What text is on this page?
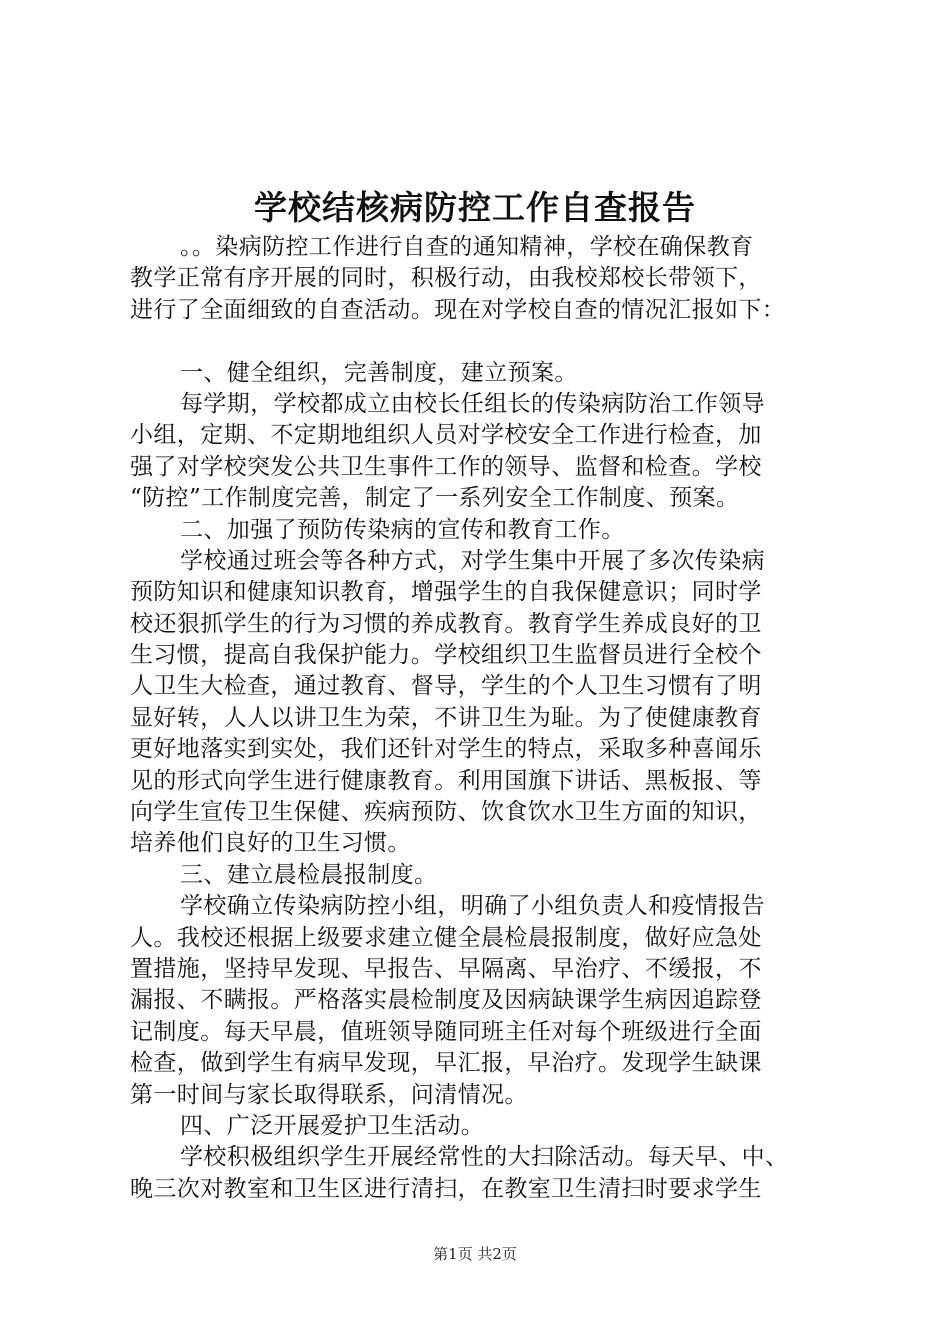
学校结核病防控工作自查报告
。。染病防控工作进行自查的通知精神，学校在确保教育
教学正常有序开展的同时，积极行动，由我校郑校长带领下，
进行了全面细致的自查活动。现在对学校自查的情况汇报如下：
一、健全组织，完善制度，建立预案。
每学期，学校都成立由校长任组长的传染病防治工作领导
小组，定期、不定期地组织人员对学校安全工作进行检查，加
强了对学校突发公共卫生事件工作的领导、监督和检查。学校
“防控”工作制度完善，制定了一系列安全工作制度、预案。
二、加强了预防传染病的宣传和教育工作。
学校通过班会等各种方式，对学生集中开展了多次传染病
预防知识和健康知识教育，增强学生的自我保健意识；同时学
校还狠抓学生的行为习惯的养成教育。教育学生养成良好的卫
生习惯，提高自我保护能力。学校组织卫生监督员进行全校个
人卫生大检查，通过教育、督导，学生的个人卫生习惯有了明
显好转，人人以讲卫生为荣，不讲卫生为耻。为了使健康教育
更好地落实到实处，我们还针对学生的特点，采取多种喜闻乐
见的形式向学生进行健康教育。利用国旗下讲话、黑板报、等
向学生宣传卫生保健、疾病预防、饮食饮水卫生方面的知识，
培养他们良好的卫生习惯。
三、建立晨检晨报制度。
学校确立传染病防控小组，明确了小组负责人和疫情报告
人。我校还根据上级要求建立健全晨检晨报制度，做好应急处
置措施，坚持早发现、早报告、早隔离、早治疗、不缓报，不
漏报、不瞒报。严格落实晨检制度及因病缺课学生病因追踪登
记制度。每天早晨，值班领导随同班主任对每个班级进行全面
检查，做到学生有病早发现，早汇报，早治疗。发现学生缺课
第一时间与家长取得联系，问清情况。
四、广泛开展爱护卫生活动。
学校积极组织学生开展经常性的大扫除活动。每天早、中、
晚三次对教室和卫生区进行清扫，在教室卫生清扫时要求学生
第1页 共2页
